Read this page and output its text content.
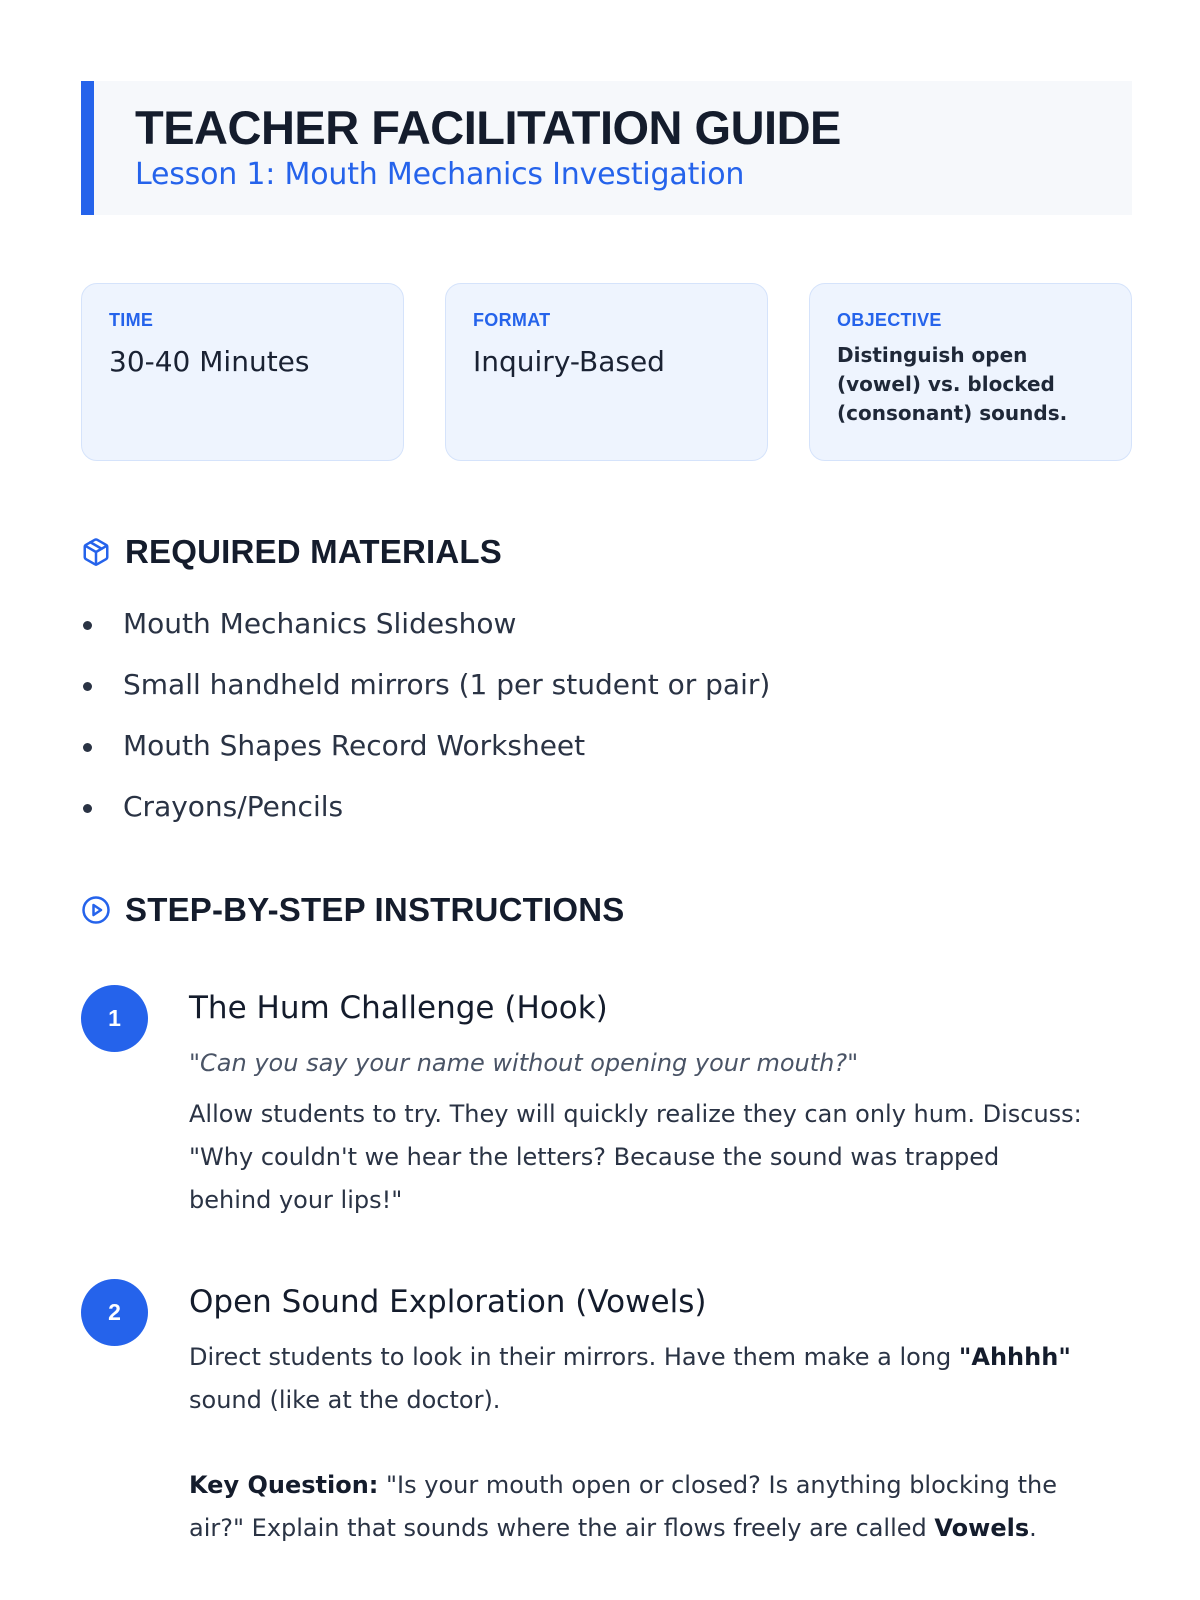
TEACHER FACILITATION GUIDE
Lesson 1: Mouth Mechanics Investigation
TIME
30-40 Minutes
FORMAT
Inquiry-Based
OBJECTIVE
Distinguish open (vowel) vs. blocked (consonant) sounds.
REQUIRED MATERIALS
Mouth Mechanics Slideshow
Small handheld mirrors (1 per student or pair)
Mouth Shapes Record Worksheet
Crayons/Pencils
STEP-BY-STEP INSTRUCTIONS
1	The Hum Challenge (Hook)
"Can you say your name without opening your mouth?"
Allow students to try. They will quickly realize they can only hum. Discuss: "Why couldn't we hear the letters? Because the sound was trapped behind your lips!"
2	Open Sound Exploration (Vowels)
Direct students to look in their mirrors. Have them make a long "Ahhhh" sound (like at the doctor).
Key Question: "Is your mouth open or closed? Is anything blocking the air?" Explain that sounds where the air flows freely are called Vowels.
